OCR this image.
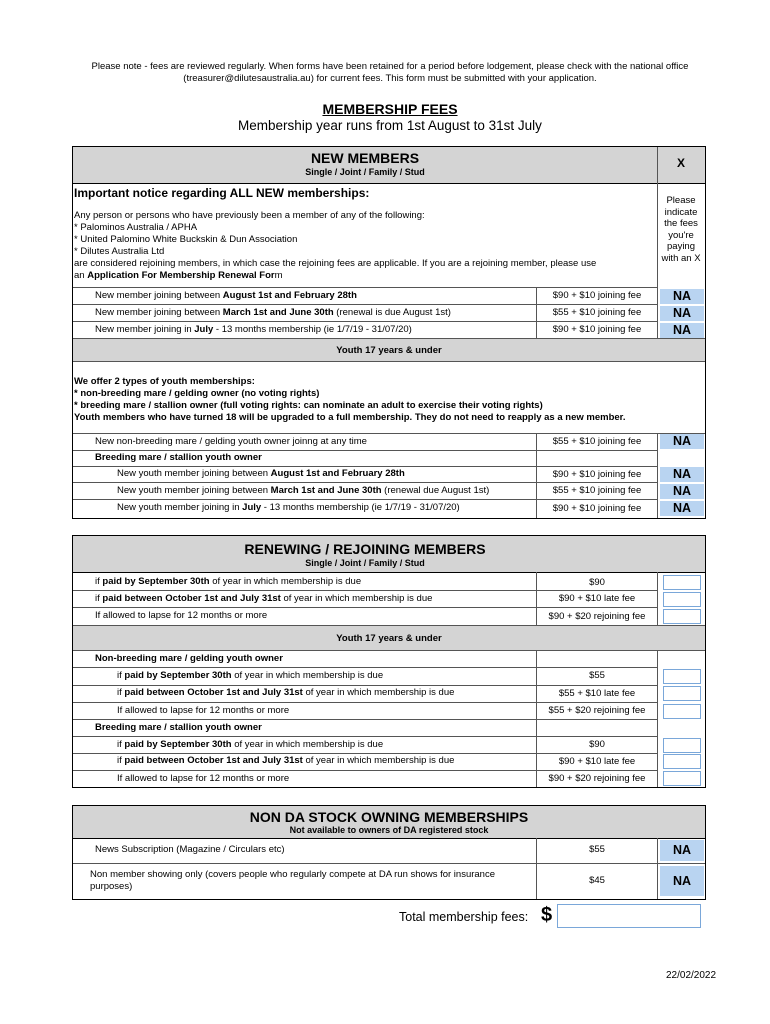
Please note - fees are reviewed regularly. When forms have been retained for a period before lodgement, please check with the national office (treasurer@dilutesaustralia.au) for current fees. This form must be submitted with your application.
MEMBERSHIP FEES
Membership year runs from 1st August to 31st July
NEW MEMBERS
Single / Joint / Family / Stud
X
Important notice regarding ALL NEW memberships:
Any person or persons who have previously been a member of any of the following:
* Palominos Australia / APHA
* United Palomino White Buckskin & Dun Association
* Dilutes Australia Ltd
are considered rejoining members, in which case the rejoining fees are applicable. If you are a rejoining member, please use
an Application For Membership Renewal Form
Please indicate the fees you're paying with an X
New member joining between August 1st and February 28th	$90 + $10 joining fee	NA
New member joining between March 1st and June 30th (renewal is due August 1st)	$55 + $10 joining fee	NA
New member joining in July - 13 months membership (ie 1/7/19 - 31/07/20)	$90 + $10 joining fee	NA
Youth 17 years & under
We offer 2 types of youth memberships:
* non-breeding mare / gelding owner (no voting rights)
* breeding mare / stallion owner (full voting rights: can nominate an adult to exercise their voting rights)
Youth members who have turned 18 will be upgraded to a full membership. They do not need to reapply as a new member.
New non-breeding mare / gelding youth owner joinng at any time	$55 + $10 joining fee	NA
Breeding mare / stallion youth owner
New youth member joining between August 1st and February 28th	$90 + $10 joining fee	NA
New youth member joining between March 1st and June 30th (renewal due August 1st)	$55 + $10 joining fee	NA
New youth member joining in July - 13 months membership (ie 1/7/19 - 31/07/20)	$90 + $10 joining fee	NA
RENEWING / REJOINING MEMBERS
Single / Joint / Family / Stud
if paid by September 30th of year in which membership is due	$90
if paid between October 1st and July 31st of year in which membership is due	$90 + $10 late fee
If allowed to lapse for 12 months or more	$90 + $20 rejoining fee
Youth 17 years & under
Non-breeding mare / gelding youth owner
if paid by September 30th of year in which membership is due	$55
if paid between October 1st and July 31st of year in which membership is due	$55 + $10 late fee
If allowed to lapse for 12 months or more	$55 + $20 rejoining fee
Breeding mare / stallion youth owner
if paid by September 30th of year in which membership is due	$90
if paid between October 1st and July 31st of year in which membership is due	$90 + $10 late fee
If allowed to lapse for 12 months or more	$90 + $20 rejoining fee
NON DA STOCK OWNING MEMBERSHIPS
Not available to owners of DA registered stock
News Subscription (Magazine / Circulars etc)	$55	NA
Non member showing only (covers people who regularly compete at DA run shows for insurance
purposes)
$45	NA
Total membership fees: $
22/02/2022
